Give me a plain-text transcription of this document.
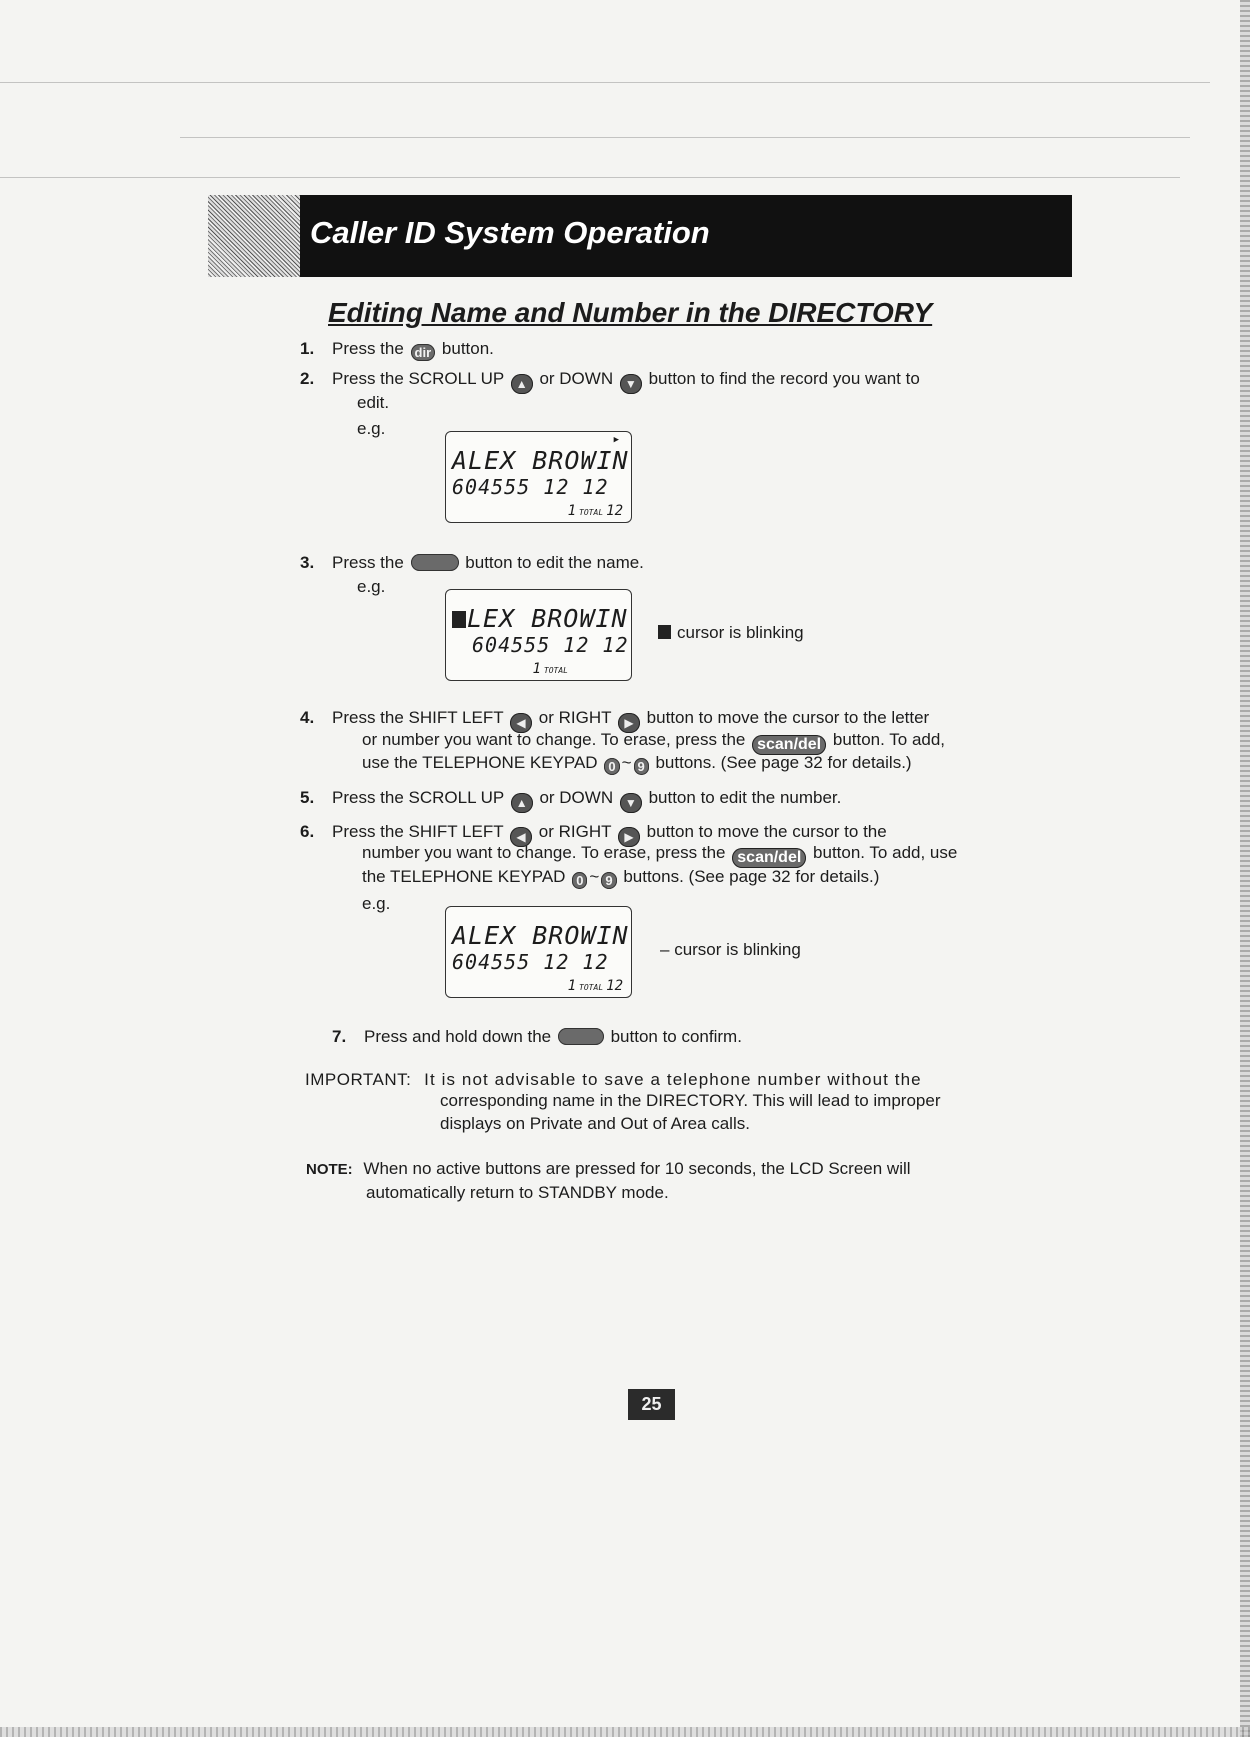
Caller ID System Operation
Editing Name and Number in the DIRECTORY
1. Press the dir button.
2. Press the SCROLL UP ▲ or DOWN ▼ button to find the record you want to
edit.
e.g.
▶
ALEX BROWIN
604555 12 12
1 TOTAL 12
3. Press the	button to edit the name.
e.g.
LEX BROWIN
604555 12 12
1 TOTAL
cursor is blinking
4. Press the SHIFT LEFT ◀ or RIGHT ▶ button to move the cursor to the letter
or number you want to change. To erase, press the scan/del button. To add,
use the TELEPHONE KEYPAD 0 ~ 9 buttons. (See page 32 for details.)
5. Press the SCROLL UP ▲ or DOWN ▼ button to edit the number.
6. Press the SHIFT LEFT ◀ or RIGHT ▶ button to move the cursor to the
number you want to change. To erase, press the scan/del button. To add, use
the TELEPHONE KEYPAD 0 ~ 9 buttons. (See page 32 for details.)
e.g.
ALEX BROWIN
604555 12 12
1 TOTAL 12
– cursor is blinking
7. Press and hold down the	button to confirm.
IMPORTANT: It is not advisable to save a telephone number without the
corresponding name in the DIRECTORY. This will lead to improper
displays on Private and Out of Area calls.
NOTE: When no active buttons are pressed for 10 seconds, the LCD Screen will
automatically return to STANDBY mode.
25
